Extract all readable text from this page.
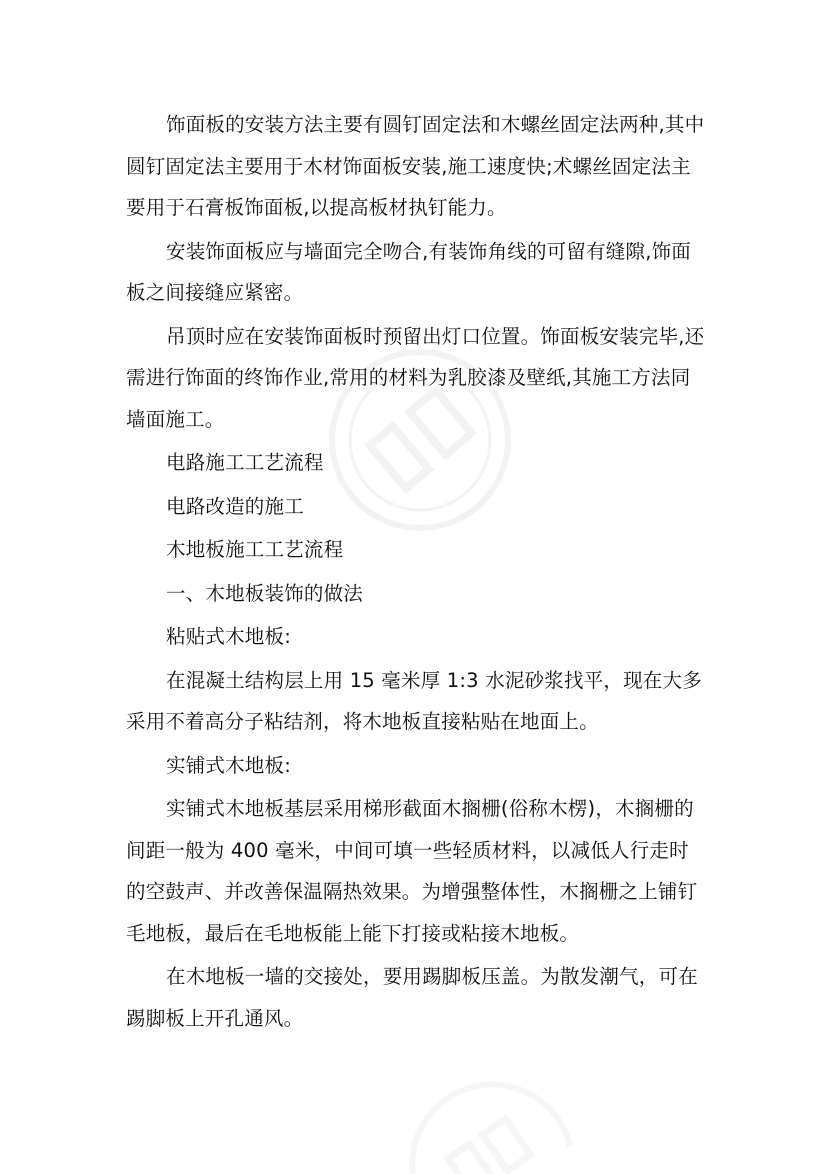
饰面板的安装方法主要有圆钉固定法和木螺丝固定法两种,其中圆钉固定法主要用于木材饰面板安装,施工速度快;术螺丝固定法主要用于石膏板饰面板,以提高板材执钉能力。

安装饰面板应与墙面完全吻合,有装饰角线的可留有缝隙,饰面板之间接缝应紧密。

吊顶时应在安装饰面板时预留出灯口位置。饰面板安装完毕,还需进行饰面的终饰作业,常用的材料为乳胶漆及壁纸,其施工方法同墙面施工。

电路施工工艺流程

电路改造的施工

木地板施工工艺流程

一、木地板装饰的做法

粘贴式木地板:

在混凝土结构层上用 15 毫米厚 1:3 水泥砂浆找平，现在大多采用不着高分子粘结剂，将木地板直接粘贴在地面上。

实铺式木地板:

实铺式木地板基层采用梯形截面木搁栅(俗称木楞)，木搁栅的间距一般为 400 毫米，中间可填一些轻质材料，以减低人行走时的空鼓声、并改善保温隔热效果。为增强整体性，木搁栅之上铺钉毛地板，最后在毛地板能上能下打接或粘接木地板。

在木地板一墙的交接处，要用踢脚板压盖。为散发潮气，可在踢脚板上开孔通风。
